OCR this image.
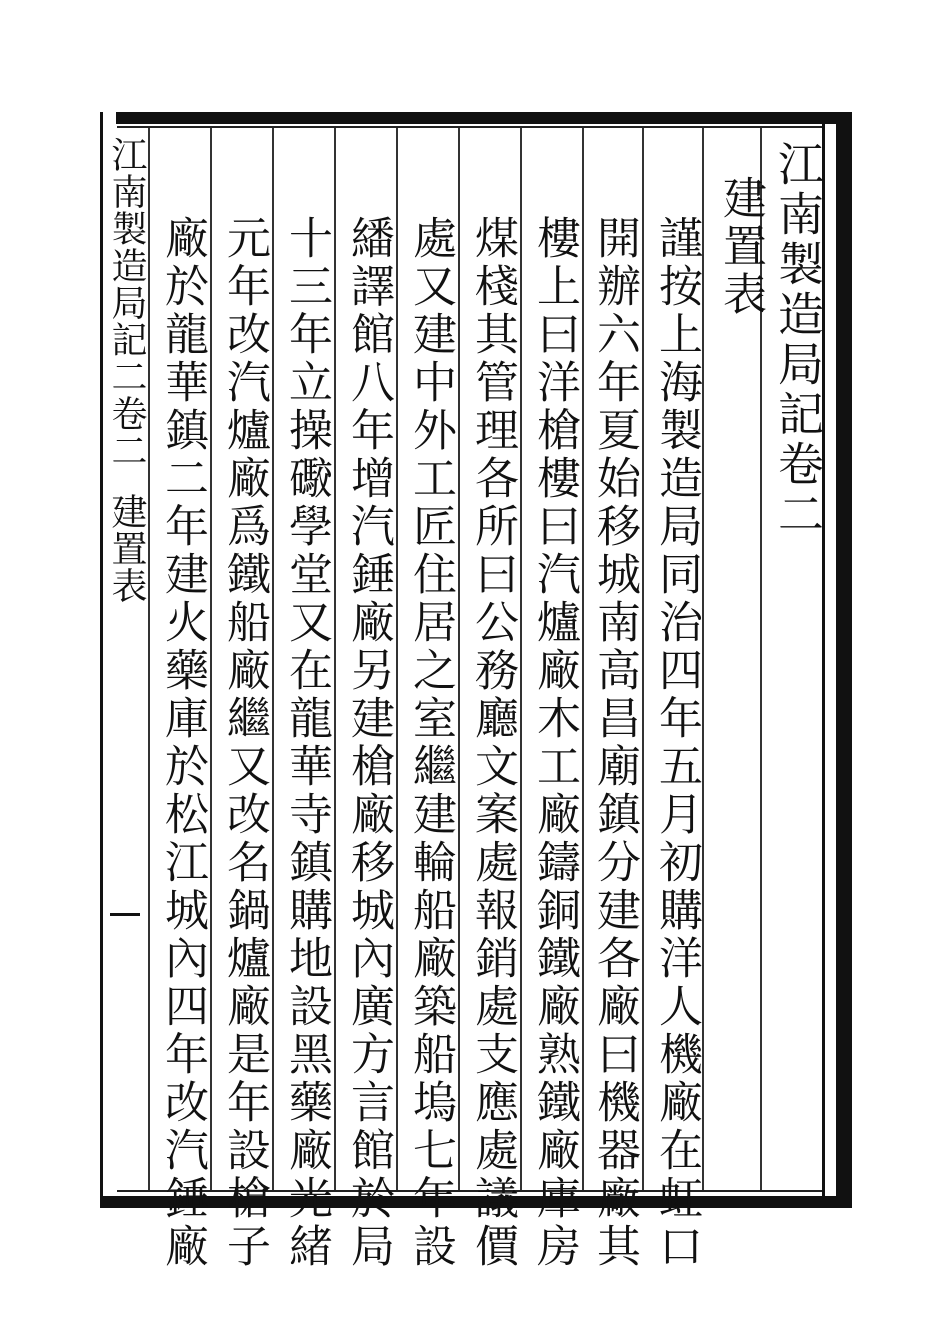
江南製造局記二卷二建置表
江南製造局記卷二
建置表
謹按上海製造局同治四年五月初購洋人機廠在虹口
開辦六年夏始移城南高昌廟鎮分建各廠曰機器廠其
樓上曰洋槍樓曰汽爐廠木工廠鑄銅鐵廠熟鐵廠庫房
煤棧其管理各所曰公務廳文案處報銷處支應處議價
處又建中外工匠住居之室繼建輪船廠築船塢七年設
繙譯館八年增汽錘廠另建槍廠移城內廣方言館於局
十三年立操礮學堂又在龍華寺鎮購地設黑藥廠光緒
元年改汽爐廠爲鐵船廠繼又改名鍋爐廠是年設槍子
廠於龍華鎮二年建火藥庫於松江城內四年改汽錘廠
